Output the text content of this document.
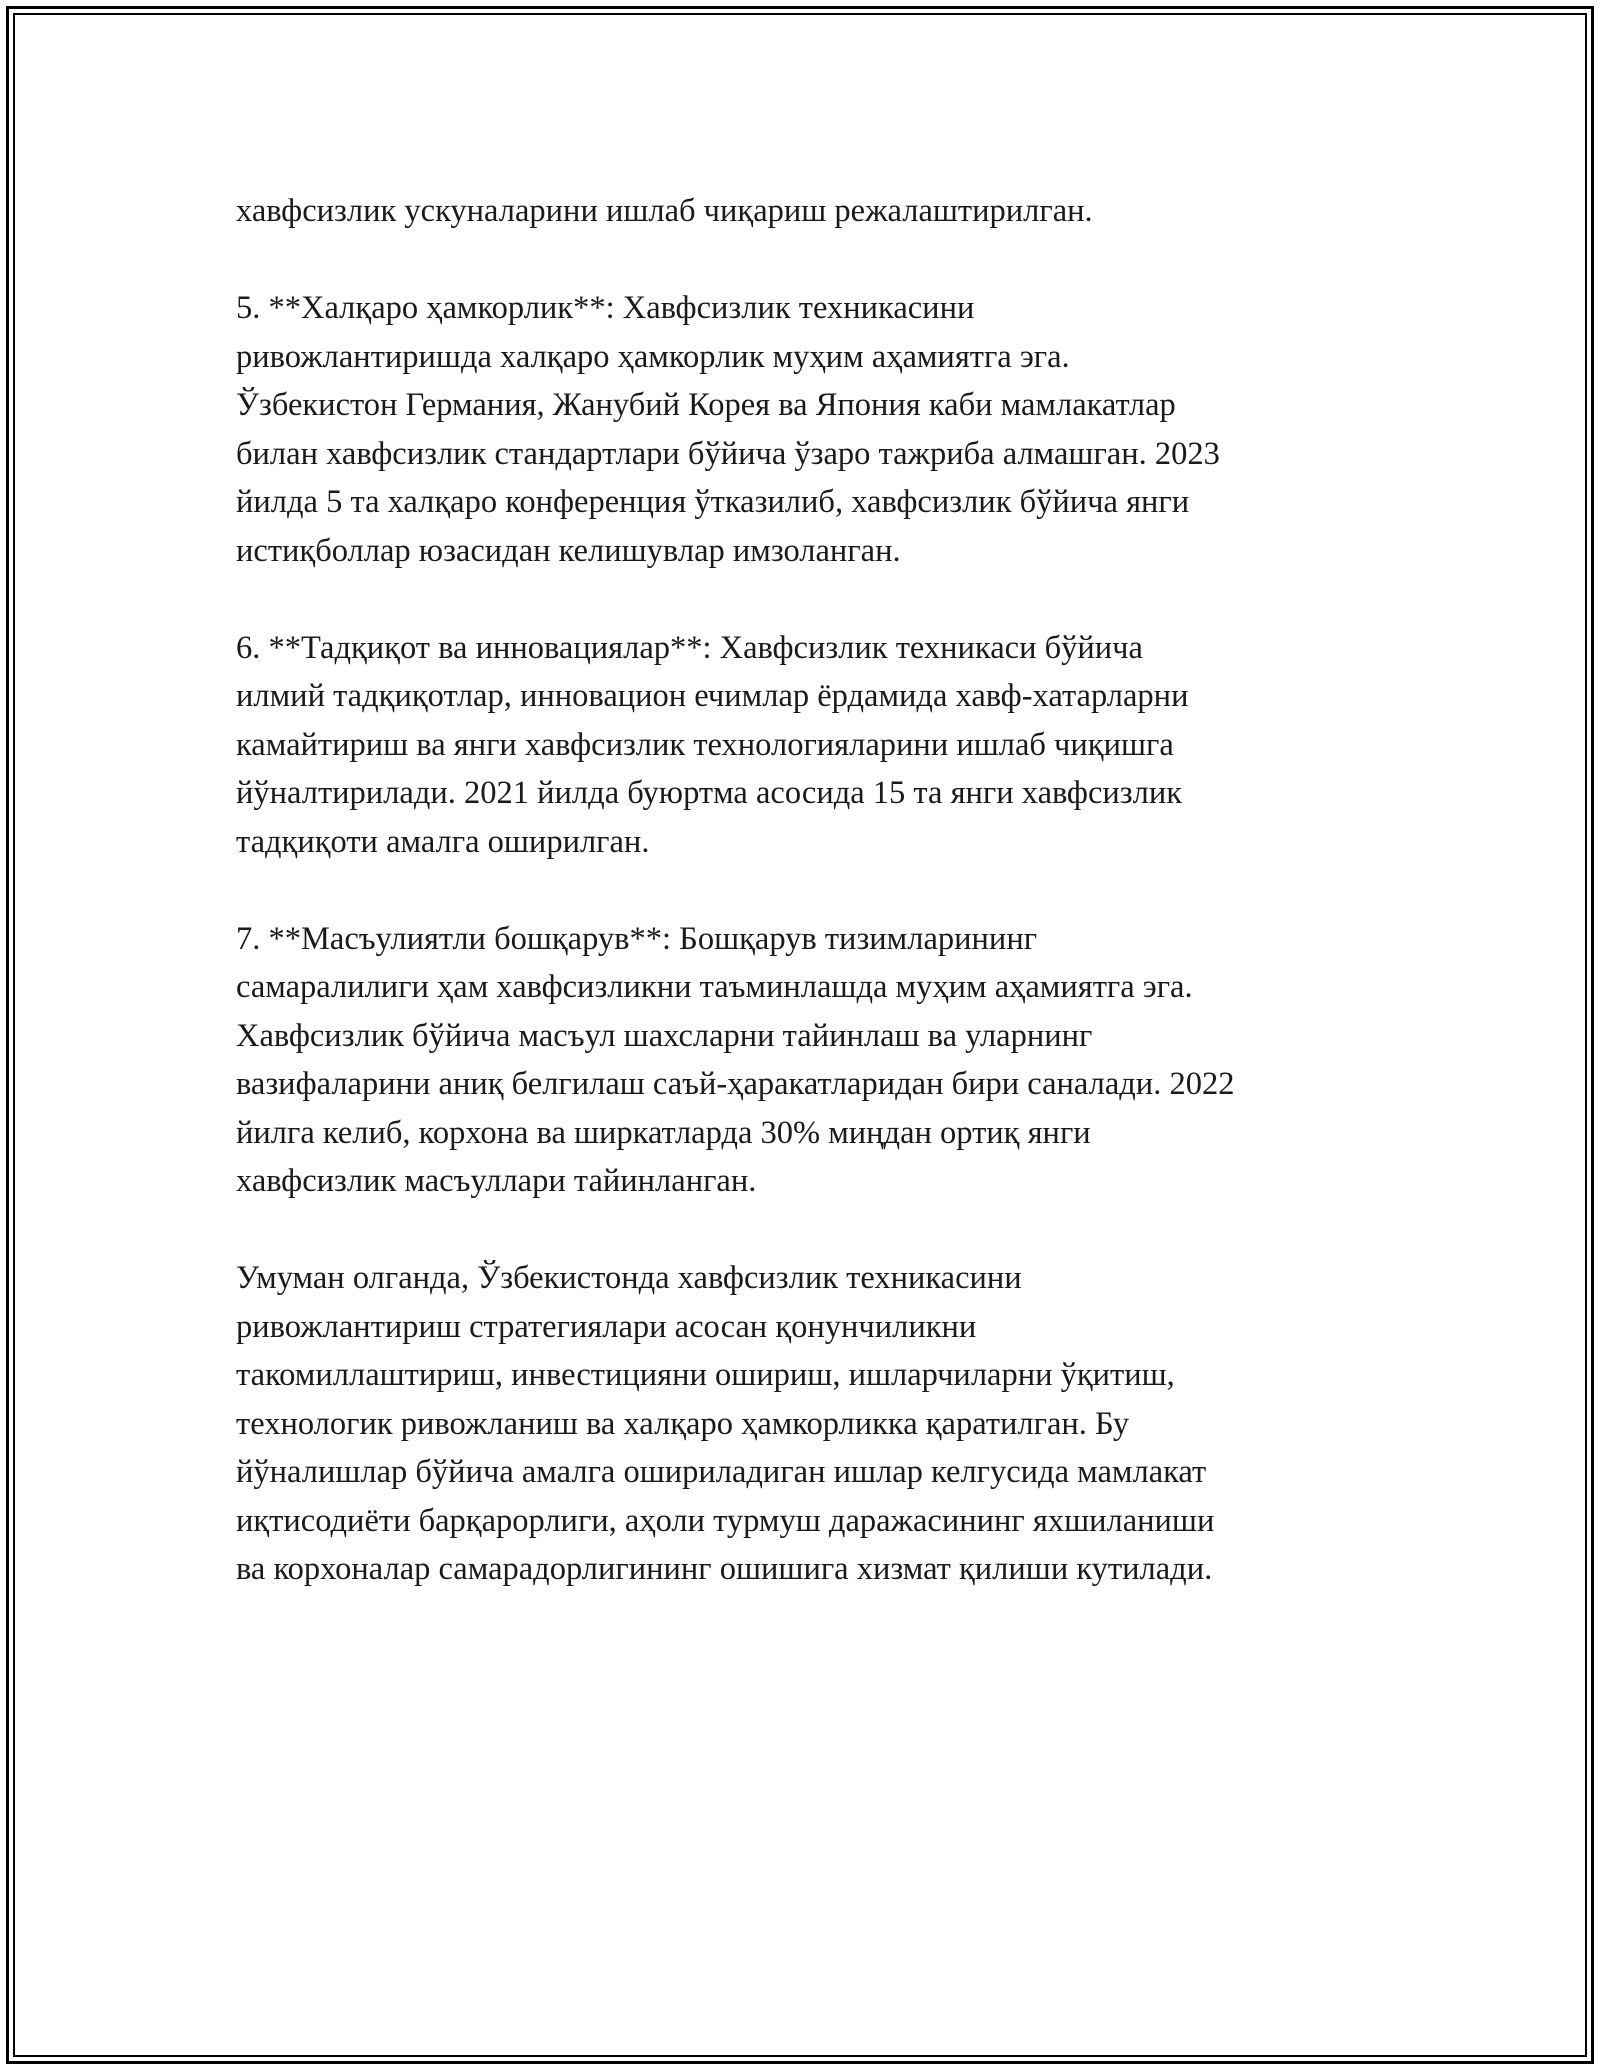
хавфсизлик ускуналарини ишлаб чиқариш режалаштирилган.
5. **Халқаро ҳамкорлик**: Хавфсизлик техникасини
ривожлантиришда халқаро ҳамкорлик муҳим аҳамиятга эга.
Ўзбекистон Германия, Жанубий Корея ва Япония каби мамлакатлар
билан хавфсизлик стандартлари бўйича ўзаро тажриба алмашган. 2023
йилда 5 та халқаро конференция ўтказилиб, хавфсизлик бўйича янги
истиқболлар юзасидан келишувлар имзоланган.
6. **Тадқиқот ва инновациялар**: Хавфсизлик техникаси бўйича
илмий тадқиқотлар, инновацион ечимлар ёрдамида хавф-хатарларни
камайтириш ва янги хавфсизлик технологияларини ишлаб чиқишга
йўналтирилади. 2021 йилда буюртма асосида 15 та янги хавфсизлик
тадқиқоти амалга оширилган.
7. **Масъулиятли бошқарув**: Бошқарув тизимларининг
самаралилиги ҳам хавфсизликни таъминлашда муҳим аҳамиятга эга.
Хавфсизлик бўйича масъул шахсларни тайинлаш ва уларнинг
вазифаларини аниқ белгилаш саъй-ҳаракатларидан бири саналади. 2022
йилга келиб, корхона ва ширкатларда 30% миңдан ортиқ янги
хавфсизлик масъуллари тайинланган.
Умуман олганда, Ўзбекистонда хавфсизлик техникасини
ривожлантириш стратегиялари асосан қонунчиликни
такомиллаштириш, инвестицияни ошириш, ишларчиларни ўқитиш,
технологик ривожланиш ва халқаро ҳамкорликка қаратилган. Бу
йўналишлар бўйича амалга ошириладиган ишлар келгусида мамлакат
иқтисодиёти барқарорлиги, аҳоли турмуш даражасининг яхшиланиши
ва корхоналар самарадорлигининг ошишига хизмат қилиши кутилади.
